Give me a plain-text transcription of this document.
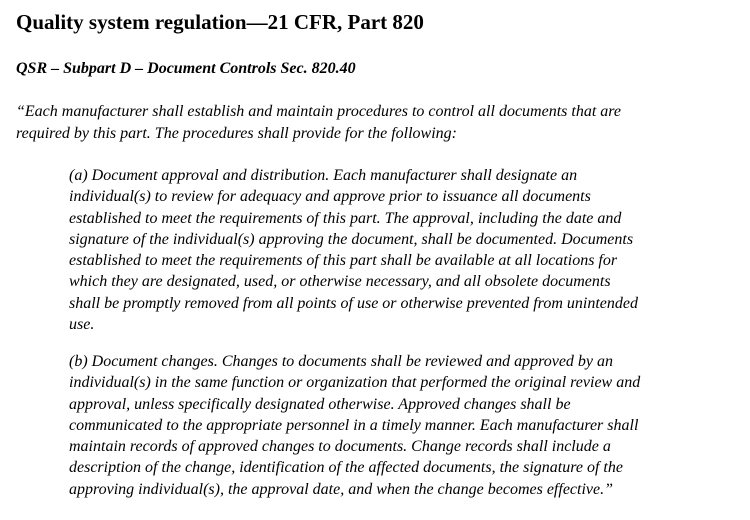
Quality system regulation—21 CFR, Part 820
QSR – Subpart D – Document Controls Sec. 820.40

“Each manufacturer shall establish and maintain procedures to control all documents that are
required by this part. The procedures shall provide for the following:

(a) Document approval and distribution. Each manufacturer shall designate an
individual(s) to review for adequacy and approve prior to issuance all documents
established to meet the requirements of this part. The approval, including the date and
signature of the individual(s) approving the document, shall be documented. Documents
established to meet the requirements of this part shall be available at all locations for
which they are designated, used, or otherwise necessary, and all obsolete documents
shall be promptly removed from all points of use or otherwise prevented from unintended
use.

(b) Document changes. Changes to documents shall be reviewed and approved by an
individual(s) in the same function or organization that performed the original review and
approval, unless specifically designated otherwise. Approved changes shall be
communicated to the appropriate personnel in a timely manner. Each manufacturer shall
maintain records of approved changes to documents. Change records shall include a
description of the change, identification of the affected documents, the signature of the
approving individual(s), the approval date, and when the change becomes effective.”
